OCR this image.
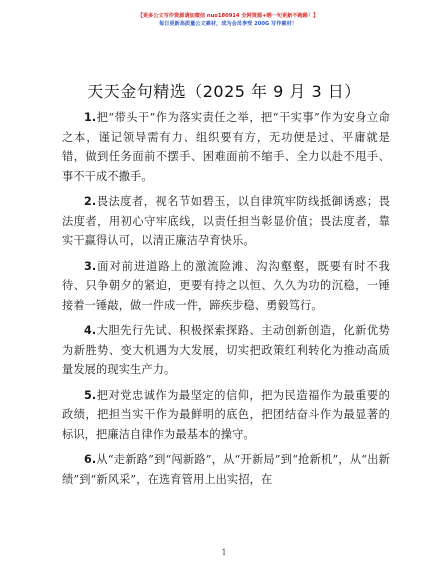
【更多公文写作资源请加微信 nuo180914 全网资源+晒一句更新不跑路！】
每日更新高质量公文素材，成为会员享受 200G 写作素材！
天天金句精选（2025 年 9 月 3 日）

1.把“带头干”作为落实责任之举，把“干实事”作为安身立命之本，谨记领导需有力、组织要有方，无功便是过、平庸就是错，做到任务面前不摆手、困难面前不缩手、全力以赴不甩手、事不干成不撒手。

2.畏法度者，视名节如碧玉，以自律筑牢防线抵御诱惑；畏法度者，用初心守牢底线，以责任担当彰显价值；畏法度者，靠实干赢得认可，以清正廉洁孕育快乐。

3.面对前进道路上的激流险滩、沟沟壑壑，既要有时不我待、只争朝夕的紧迫，更要有持之以恒、久久为功的沉稳，一锤接着一锤敲，做一件成一件，蹄疾步稳、勇毅笃行。

4.大胆先行先试、积极探索探路、主动创新创造，化新优势为新胜势、变大机遇为大发展，切实把政策红利转化为推动高质量发展的现实生产力。

5.把对党忠诚作为最坚定的信仰，把为民造福作为最重要的政绩，把担当实干作为最鲜明的底色，把团结奋斗作为最显著的标识，把廉洁自律作为最基本的操守。

6.从“走新路”到“闯新路”，从“开新局”到“抢新机”，从“出新绩”到“新风采”，在选育管用上出实招，在

1
